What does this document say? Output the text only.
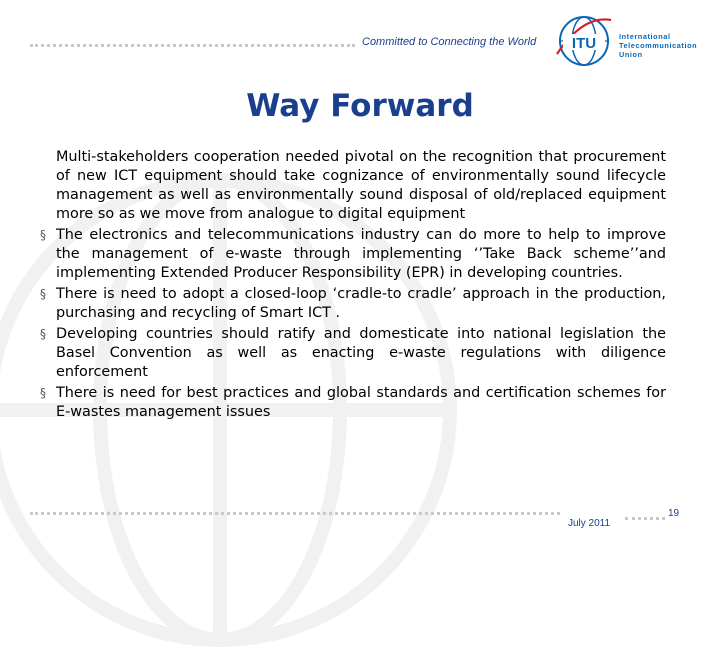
Committed to Connecting the World ITU	International
Telecommunication
Union
Way Forward
Multi-stakeholders cooperation needed pivotal on the recognition that procurement of new ICT equipment should take cognizance of environmentally sound lifecycle management as well as environmentally sound disposal of old/replaced equipment more so as we move from analogue to digital equipment
§ The electronics and telecommunications industry can do more to help to improve the management of e-waste through implementing ‘’Take Back scheme’’and implementing Extended Producer Responsibility (EPR) in developing countries.
§ There is need to adopt a closed-loop ‘cradle-to cradle’ approach in the production, purchasing and recycling of Smart ICT .
§ Developing countries should ratify and domesticate into national legislation the Basel Convention as well as enacting e-waste regulations with diligence enforcement
§ There is need for best practices and global standards and certification schemes for E-wastes management issues
July 2011
19
